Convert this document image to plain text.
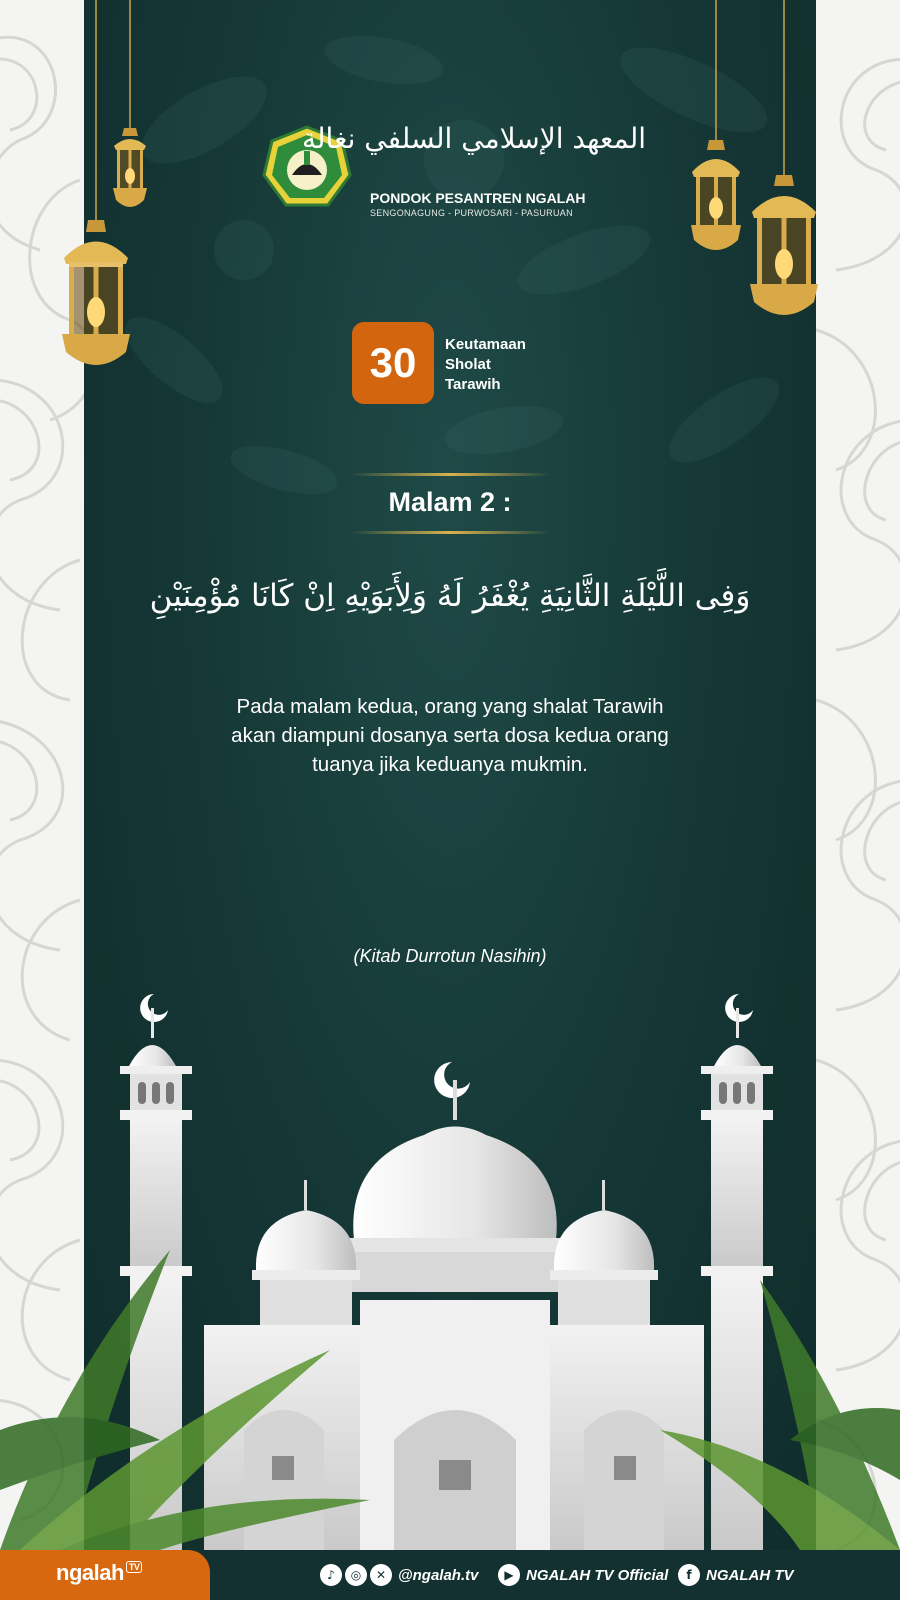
المعهد الإسلامي السلفي نغالة
PONDOK PESANTREN NGALAH
SENGONAGUNG - PURWOSARI - PASURUAN
30	Keutamaan
Sholat
Tarawih
Malam 2 :
وَفِى اللَّيْلَةِ الثَّانِيَةِ يُغْفَرُ لَهُ وَلِأَبَوَيْهِ اِنْ كَانَا مُؤْمِنَيْنِ
Pada malam kedua, orang yang shalat Tarawih
akan diampuni dosanya serta dosa kedua orang
tuanya jika keduanya mukmin.
(Kitab Durrotun Nasihin)
ngalah $^{TV}$
♪	◎	✕ @ngalah.tv	▶ NGALAH TV Official	f NGALAH TV
